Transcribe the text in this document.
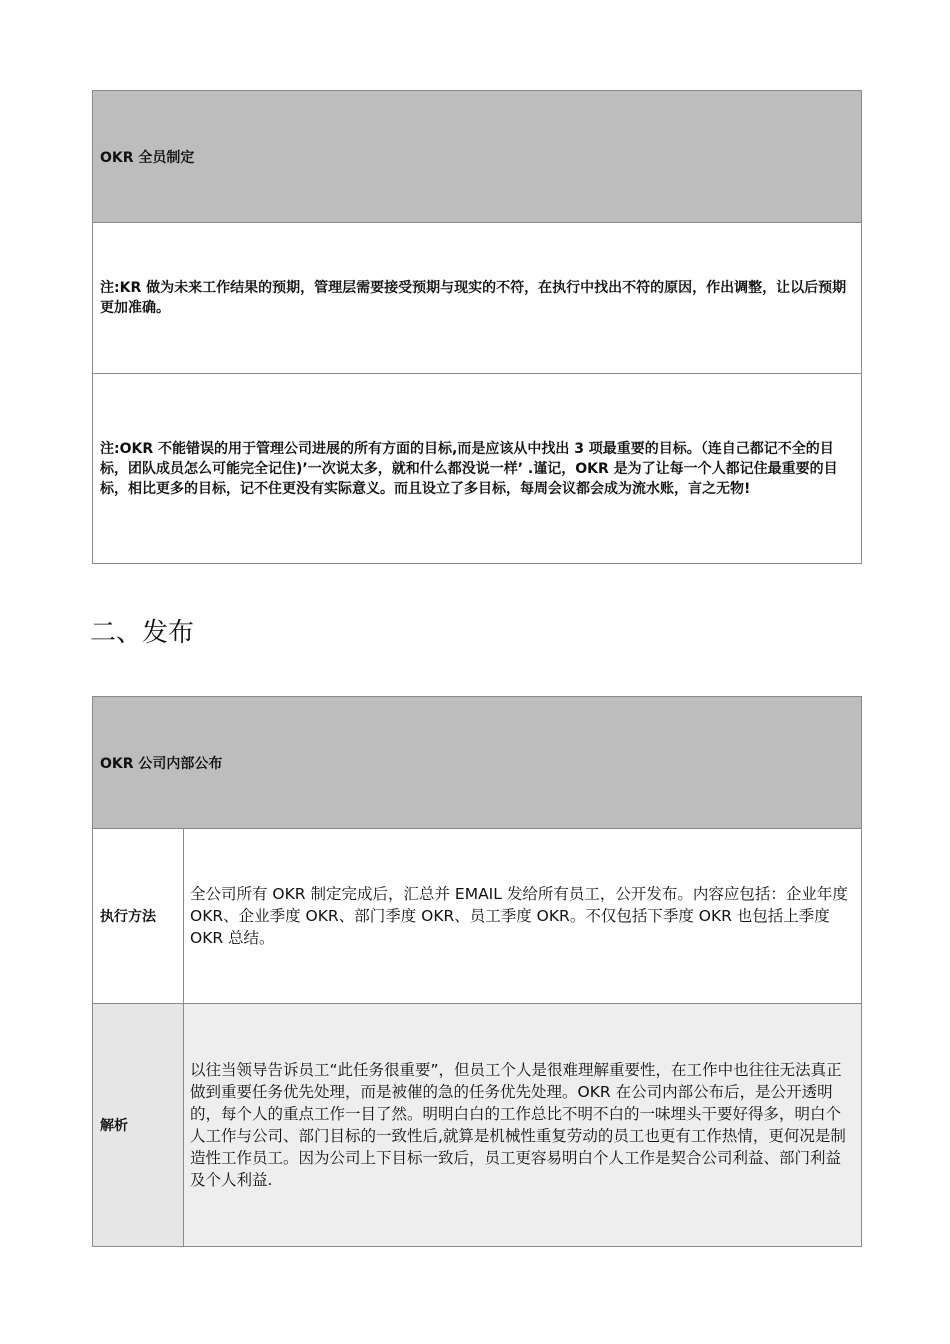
OKR 全员制定

注:KR 做为未来工作结果的预期，管理层需要接受预期与现实的不符，在执行中找出不符的原因，作出调整，让以后预期更加准确。

注:OKR 不能错误的用于管理公司进展的所有方面的目标,而是应该从中找出 3 项最重要的目标。（连自己都记不全的目标，团队成员怎么可能完全记住)’一次说太多，就和什么都没说一样’ .谨记，OKR 是为了让每一个人都记住最重要的目标，相比更多的目标，记不住更没有实际意义。而且设立了多目标，每周会议都会成为流水账，言之无物!

二、发布
OKR 公司内部公布
执行方法
全公司所有 OKR 制定完成后，汇总并 EMAIL 发给所有员工，公开发布。内容应包括：企业年度 OKR、企业季度 OKR、部门季度 OKR、员工季度 OKR。不仅包括下季度 OKR 也包括上季度 OKR 总结。
解析
以往当领导告诉员工“此任务很重要”，但员工个人是很难理解重要性，在工作中也往往无法真正做到重要任务优先处理，而是被催的急的任务优先处理。OKR 在公司内部公布后，是公开透明的，每个人的重点工作一目了然。明明白白的工作总比不明不白的一味埋头干要好得多，明白个人工作与公司、部门目标的一致性后,就算是机械性重复劳动的员工也更有工作热情，更何况是制造性工作员工。因为公司上下目标一致后，员工更容易明白个人工作是契合公司利益、部门利益及个人利益.
